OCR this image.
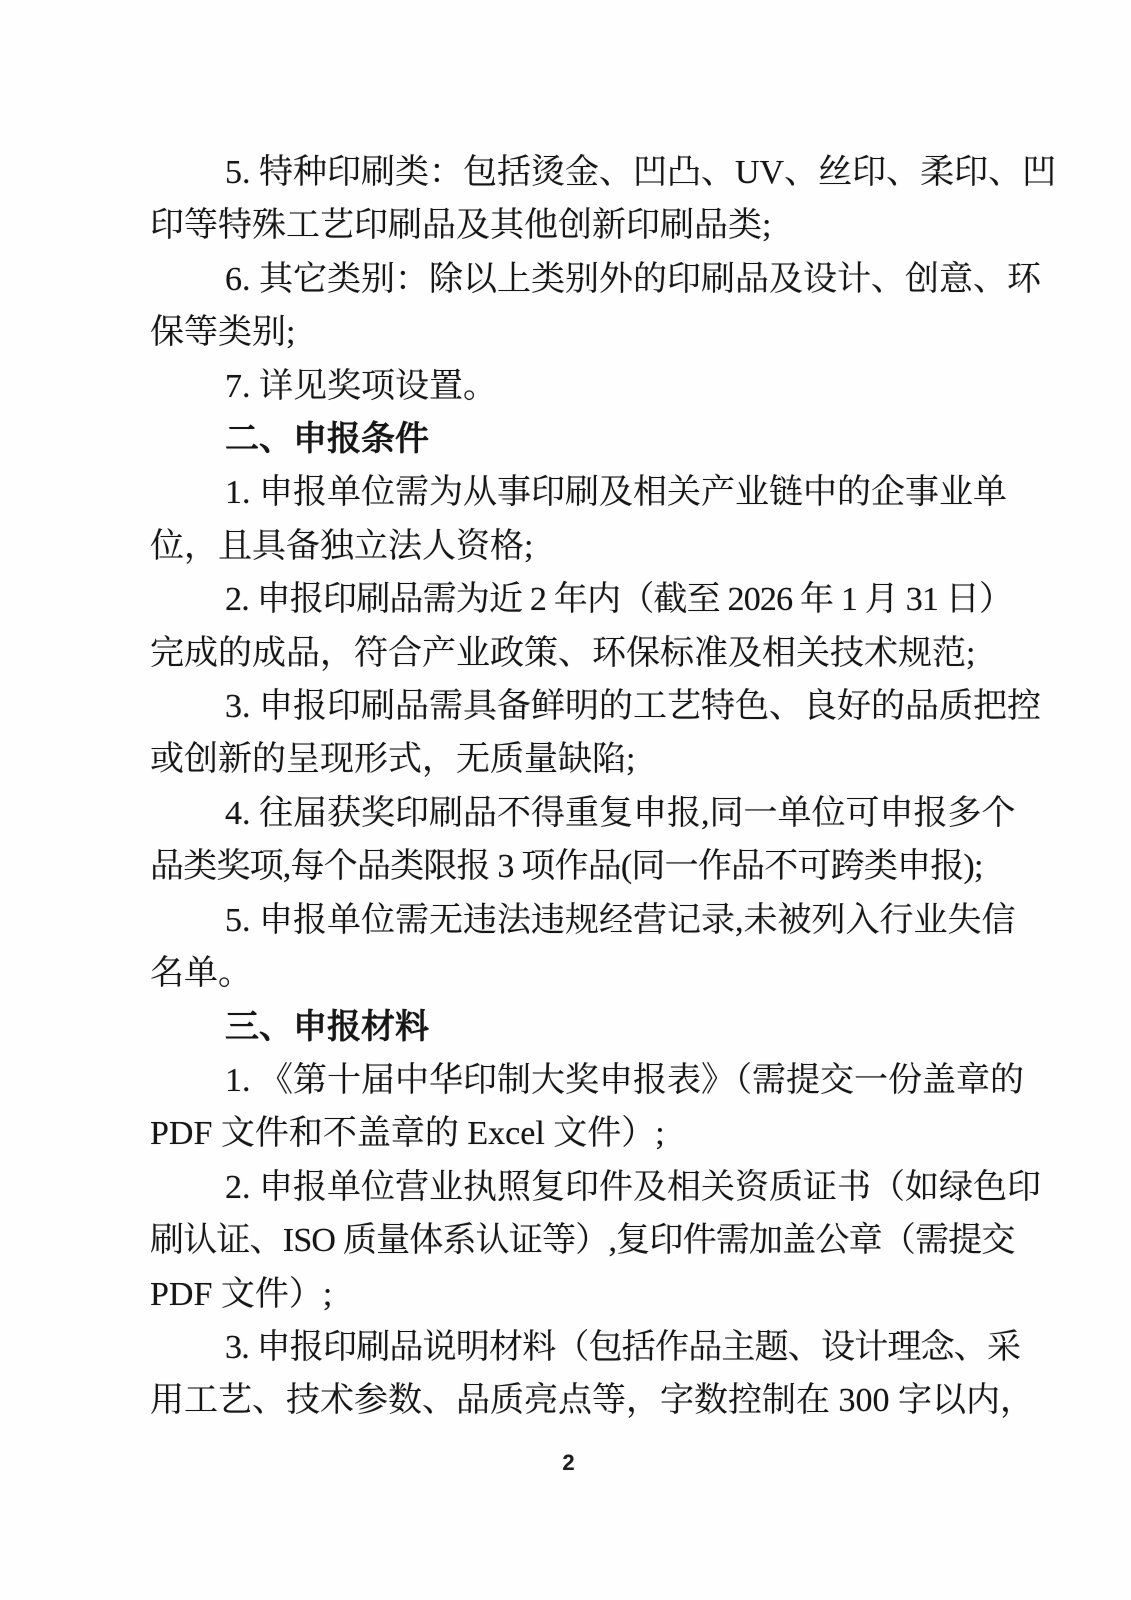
5. 特种印刷类：包括烫金、凹凸、UV、丝印、柔印、凹
印等特殊工艺印刷品及其他创新印刷品类;
6. 其它类别：除以上类别外的印刷品及设计、创意、环
保等类别;
7. 详见奖项设置。
二、申报条件
1. 申报单位需为从事印刷及相关产业链中的企事业单
位，且具备独立法人资格;
2. 申报印刷品需为近 2 年内（截至 2026 年 1 月 31 日）
完成的成品，符合产业政策、环保标准及相关技术规范;
3. 申报印刷品需具备鲜明的工艺特色、良好的品质把控
或创新的呈现形式，无质量缺陷;
4. 往届获奖印刷品不得重复申报,同一单位可申报多个
品类奖项,每个品类限报 3 项作品(同一作品不可跨类申报);
5. 申报单位需无违法违规经营记录,未被列入行业失信
名单。
三、申报材料
1. 《第十届中华印制大奖申报表》（需提交一份盖章的
PDF 文件和不盖章的 Excel 文件）;
2. 申报单位营业执照复印件及相关资质证书（如绿色印
刷认证、ISO 质量体系认证等）,复印件需加盖公章（需提交
PDF 文件）;
3. 申报印刷品说明材料（包括作品主题、设计理念、采
用工艺、技术参数、品质亮点等，字数控制在 300 字以内，
2
